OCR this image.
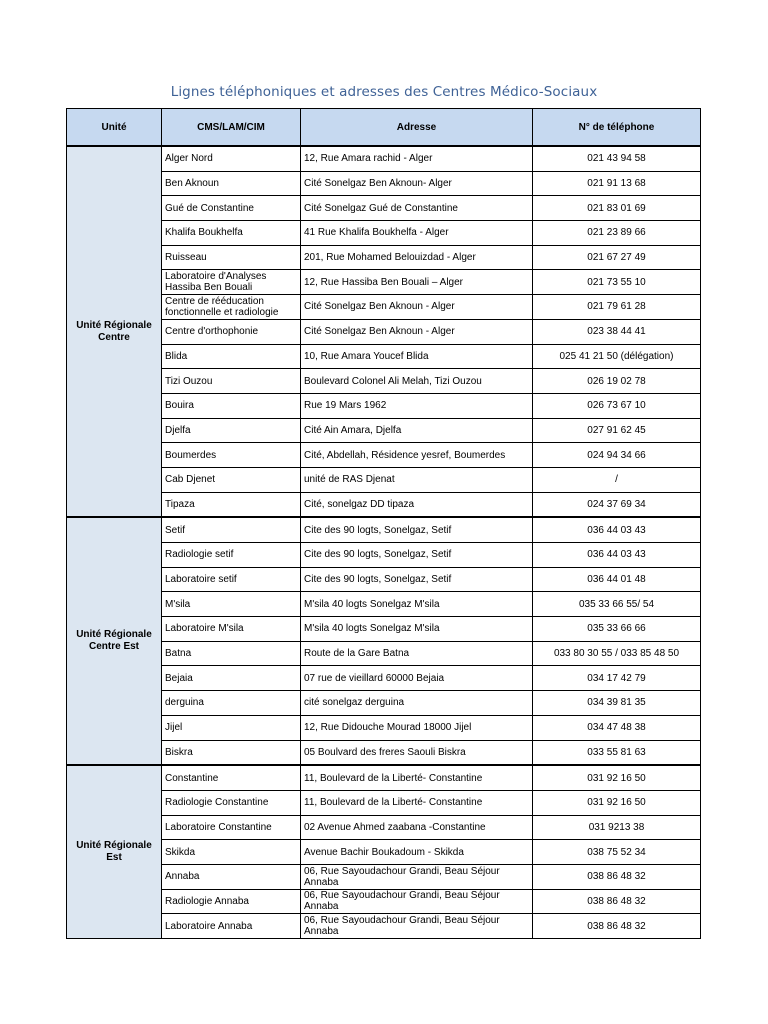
Lignes téléphoniques et adresses des Centres Médico-Sociaux
Unité	CMS/LAM/CIM	Adresse	N° de téléphone
Unité Régionale Centre	Alger Nord	12, Rue Amara rachid - Alger	021 43 94 58
	Ben Aknoun	Cité Sonelgaz Ben Aknoun- Alger	021 91 13 68
	Gué de Constantine	Cité Sonelgaz Gué de Constantine	021 83 01 69
	Khalifa Boukhelfa	41 Rue Khalifa Boukhelfa - Alger	021 23 89 66
	Ruisseau	201, Rue Mohamed Belouizdad - Alger	021 67 27 49
	Laboratoire d'Analyses Hassiba Ben Bouali	12, Rue Hassiba Ben Bouali – Alger	021 73 55 10
	Centre de rééducation fonctionnelle et radiologie	Cité Sonelgaz Ben Aknoun - Alger	021 79 61 28
	Centre d'orthophonie	Cité Sonelgaz Ben Aknoun - Alger	023 38 44 41
	Blida	10, Rue Amara Youcef Blida	025 41 21 50 (délégation)
	Tizi Ouzou	Boulevard Colonel Ali Melah, Tizi Ouzou	026 19 02 78
	Bouira	Rue 19 Mars 1962	026 73 67 10
	Djelfa	Cité Ain Amara, Djelfa	027 91 62 45
	Boumerdes	Cité, Abdellah, Résidence yesref, Boumerdes	024 94 34 66
	Cab Djenet	unité de RAS Djenat	/
	Tipaza	Cité, sonelgaz DD tipaza	024 37 69 34
Unité Régionale Centre Est	Setif	Cite des 90 logts, Sonelgaz, Setif	036 44 03 43
	Radiologie setif	Cite des 90 logts, Sonelgaz, Setif	036 44 03 43
	Laboratoire setif	Cite des 90 logts, Sonelgaz, Setif	036 44 01 48
	M'sila	M'sila 40 logts Sonelgaz M'sila	035 33 66 55/ 54
	Laboratoire M'sila	M'sila 40 logts Sonelgaz M'sila	035 33 66 66
	Batna	Route de la Gare Batna	033 80 30 55 / 033 85 48 50
	Bejaia	07 rue de vieillard 60000 Bejaia	034 17 42 79
	derguina	cité sonelgaz derguina	034 39 81 35
	Jijel	12, Rue Didouche Mourad 18000 Jijel	034 47 48 38
	Biskra	05 Boulvard des freres Saouli Biskra	033 55 81 63
Unité Régionale Est	Constantine	11, Boulevard de la Liberté- Constantine	031 92 16 50
	Radiologie Constantine	11, Boulevard de la Liberté- Constantine	031 92 16 50
	Laboratoire Constantine	02 Avenue Ahmed zaabana -Constantine	031 9213 38
	Skikda	Avenue Bachir Boukadoum - Skikda	038 75 52 34
	Annaba	06, Rue Sayoudachour Grandi, Beau Séjour Annaba	038 86 48 32
	Radiologie Annaba	06, Rue Sayoudachour Grandi, Beau Séjour Annaba	038 86 48 32
	Laboratoire Annaba	06, Rue Sayoudachour Grandi, Beau Séjour Annaba	038 86 48 32
